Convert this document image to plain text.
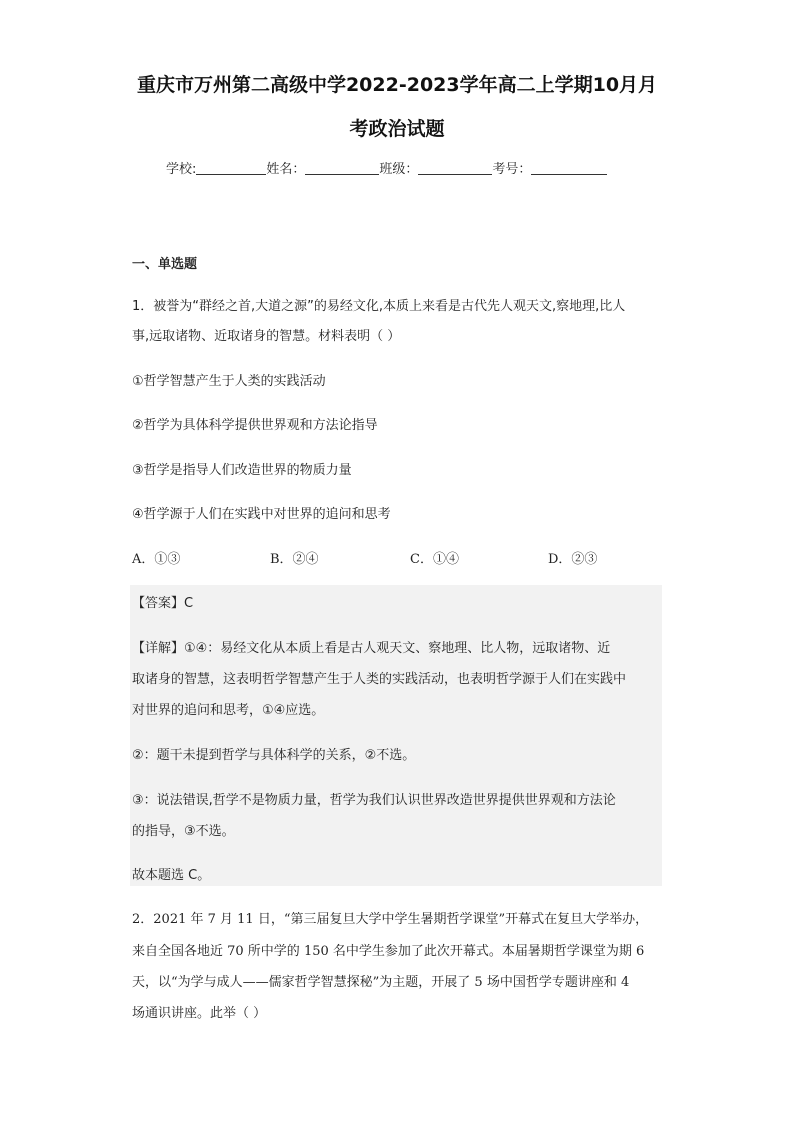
重庆市万州第二高级中学2022-2023学年高二上学期10月月
考政治试题
学校:	姓名：	班级：	考号：
一、单选题
1．被誉为“群经之首,大道之源”的易经文化,本质上来看是古代先人观天文,察地理,比人
事,远取诸物、近取诸身的智慧。材料表明（ ）
①哲学智慧产生于人类的实践活动
②哲学为具体科学提供世界观和方法论指导
③哲学是指导人们改造世界的物质力量
④哲学源于人们在实践中对世界的追问和思考
A．①③	B．②④	C．①④	D．②③
【答案】C
【详解】①④：易经文化从本质上看是古人观天文、察地理、比人物，远取诸物、近
取诸身的智慧，这表明哲学智慧产生于人类的实践活动，也表明哲学源于人们在实践中
对世界的追问和思考，①④应选。
②：题干未提到哲学与具体科学的关系，②不选。
③：说法错误,哲学不是物质力量，哲学为我们认识世界改造世界提供世界观和方法论
的指导，③不选。
故本题选 C。
2．2021 年 7 月 11 日，“第三届复旦大学中学生暑期哲学课堂”开幕式在复旦大学举办，
来自全国各地近 70 所中学的 150 名中学生参加了此次开幕式。本届暑期哲学课堂为期 6
天，以“为学与成人——儒家哲学智慧探秘”为主题，开展了 5 场中国哲学专题讲座和 4
场通识讲座。此举（ ）
